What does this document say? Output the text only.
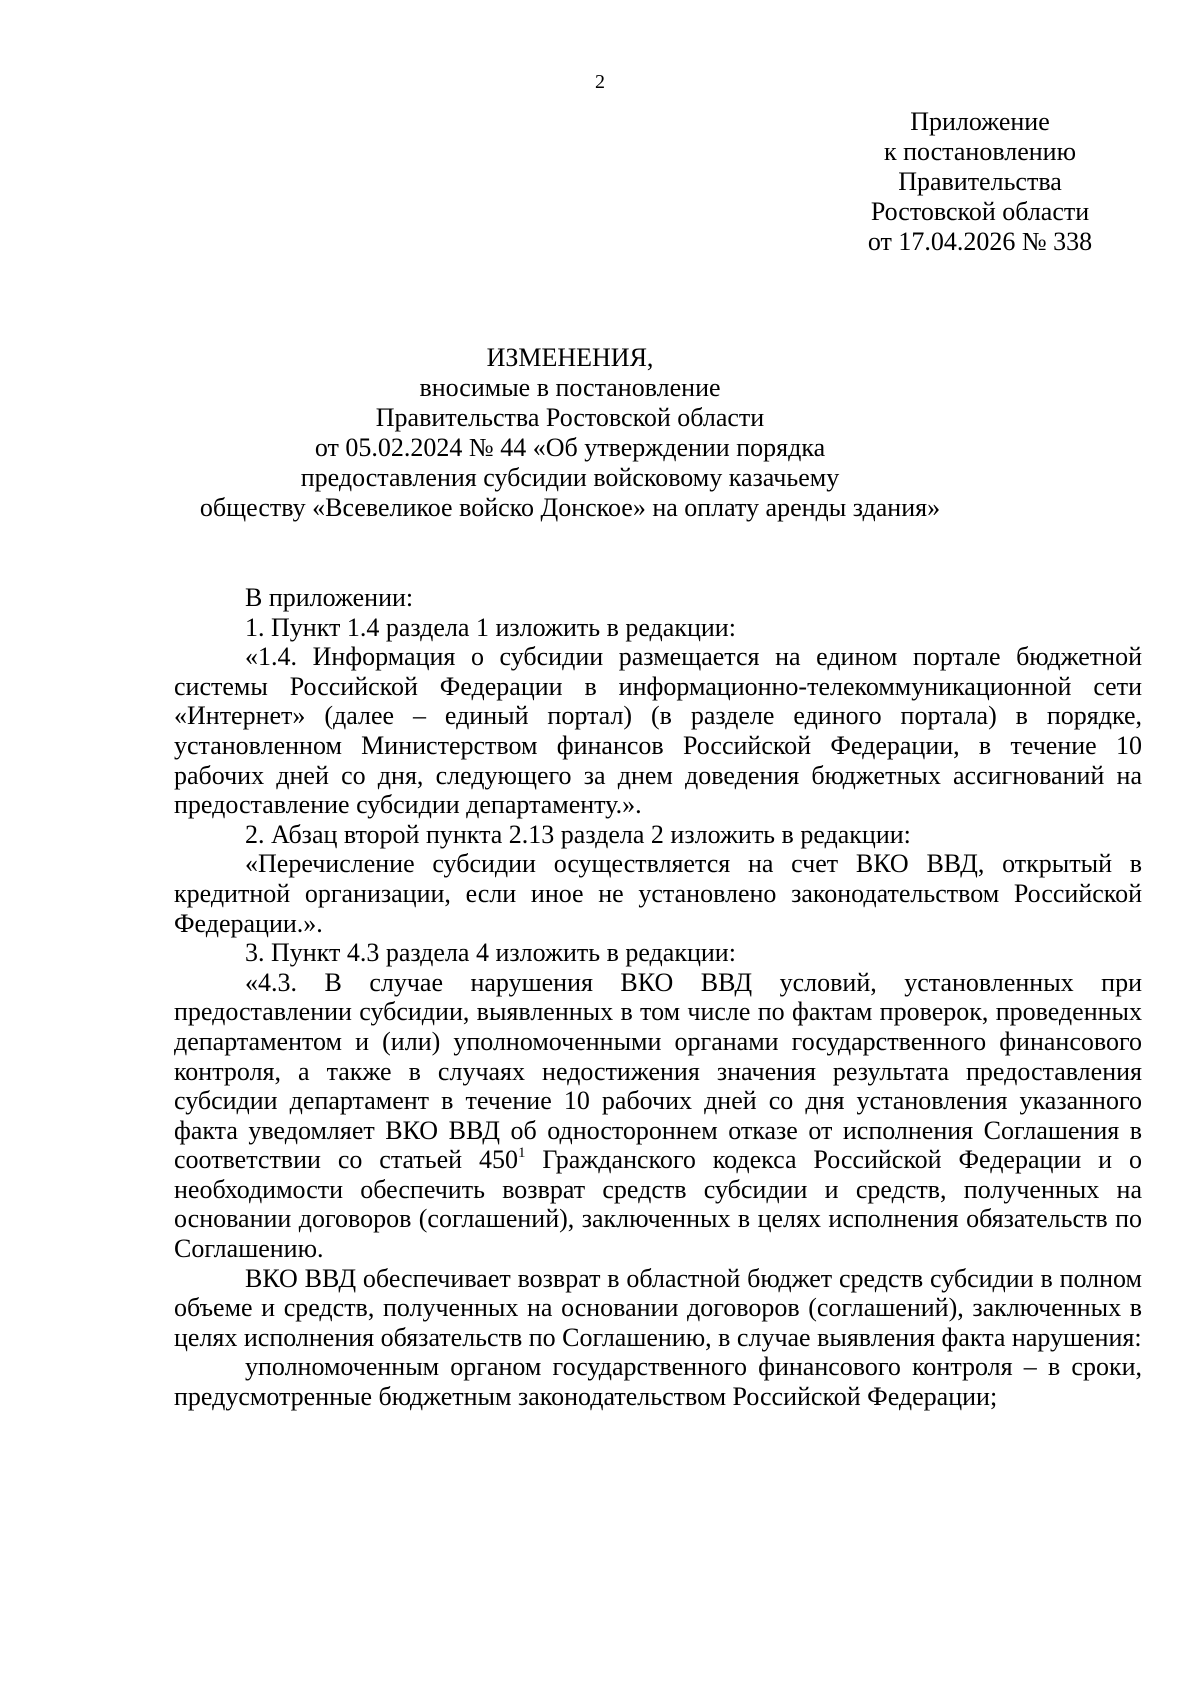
2
Приложение
к постановлению
Правительства
Ростовской области
от 17.04.2026 № 338
ИЗМЕНЕНИЯ,
вносимые в постановление
Правительства Ростовской области
от 05.02.2024 № 44 «Об утверждении порядка
предоставления субсидии войсковому казачьему
обществу «Всевеликое войско Донское» на оплату аренды здания»

В приложении:

1. Пункт 1.4 раздела 1 изложить в редакции:

«1.4. Информация о субсидии размещается на едином портале бюджетной системы Российской Федерации в информационно-телекоммуникационной сети «Интернет» (далее – единый портал) (в разделе единого портала) в порядке, установленном Министерством финансов Российской Федерации, в течение 10 рабочих дней со дня, следующего за днем доведения бюджетных ассигнований на предоставление субсидии департаменту.».

2. Абзац второй пункта 2.13 раздела 2 изложить в редакции:

«Перечисление субсидии осуществляется на счет ВКО ВВД, открытый в кредитной организации, если иное не установлено законодательством Российской Федерации.».

3. Пункт 4.3 раздела 4 изложить в редакции:

«4.3. В случае нарушения ВКО ВВД условий, установленных при предоставлении субсидии, выявленных в том числе по фактам проверок, проведенных департаментом и (или) уполномоченными органами государственного финансового контроля, а также в случаях недостижения значения результата предоставления субсидии департамент в течение 10 рабочих дней со дня установления указанного факта уведомляет ВКО ВВД об одностороннем отказе от исполнения Соглашения в соответствии со статьей $450^1$ Гражданского кодекса Российской Федерации и о необходимости обеспечить возврат средств субсидии и средств, полученных на основании договоров (соглашений), заключенных в целях исполнения обязательств по Соглашению.

ВКО ВВД обеспечивает возврат в областной бюджет средств субсидии в полном объеме и средств, полученных на основании договоров (соглашений), заключенных в целях исполнения обязательств по Соглашению, в случае выявления факта нарушения:

уполномоченным органом государственного финансового контроля – в сроки, предусмотренные бюджетным законодательством Российской Федерации;
